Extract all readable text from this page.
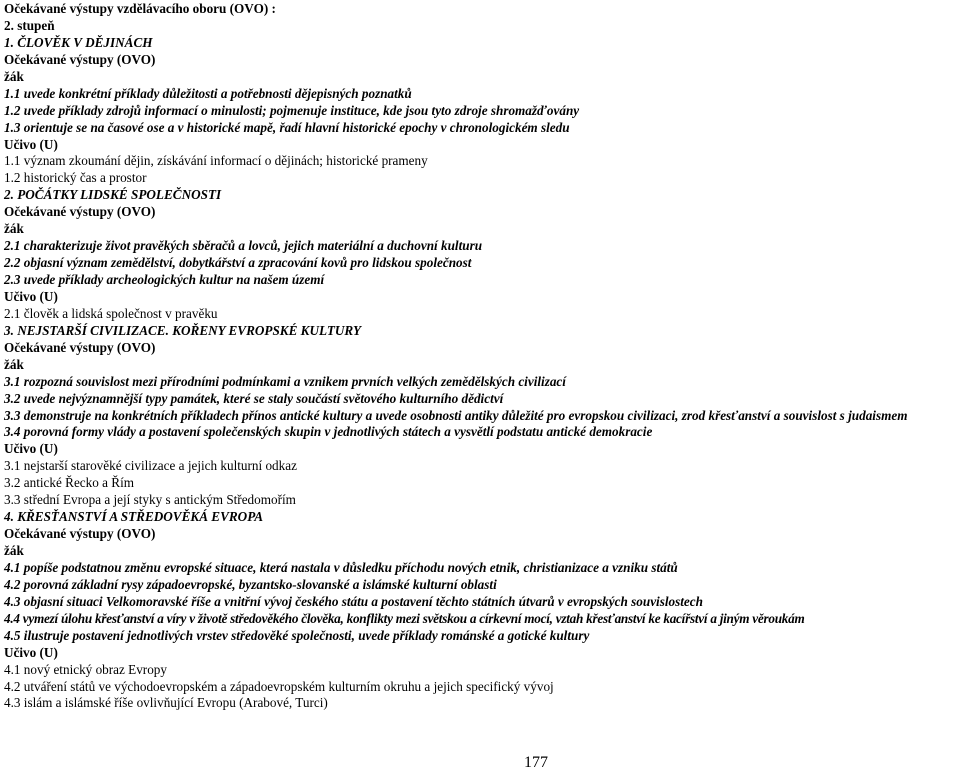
Očekávané výstupy vzdělávacího oboru (OVO) :
2. stupeň
1. ČLOVĚK V DĚJINÁCH
Očekávané výstupy (OVO)
žák
1.1 uvede konkrétní příklady důležitosti a potřebnosti dějepisných poznatků
1.2 uvede příklady zdrojů informací o minulosti; pojmenuje instituce, kde jsou tyto zdroje shromažďovány
1.3 orientuje se na časové ose a v historické mapě, řadí hlavní historické epochy v chronologickém sledu
Učivo (U)
1.1 význam zkoumání dějin, získávání informací o dějinách; historické prameny
1.2 historický čas a prostor
2. POČÁTKY LIDSKÉ SPOLEČNOSTI
Očekávané výstupy (OVO)
žák
2.1 charakterizuje život pravěkých sběračů a lovců, jejich materiální a duchovní kulturu
2.2 objasní význam zemědělství, dobytkářství a zpracování kovů pro lidskou společnost
2.3 uvede příklady archeologických kultur na našem území
Učivo (U)
2.1 člověk a lidská společnost v pravěku
3. NEJSTARŠÍ CIVILIZACE. KOŘENY EVROPSKÉ KULTURY
Očekávané výstupy (OVO)
žák
3.1 rozpozná souvislost mezi přírodními podmínkami a vznikem prvních velkých zemědělských civilizací
3.2 uvede nejvýznamnější typy památek, které se staly součástí světového kulturního dědictví
3.3 demonstruje na konkrétních příkladech přínos antické kultury a uvede osobnosti antiky důležité pro evropskou civilizaci, zrod křesťanství a souvislost s judaismem
3.4 porovná formy vlády a postavení společenských skupin v jednotlivých státech a vysvětlí podstatu antické demokracie
Učivo (U)
3.1 nejstarší starověké civilizace a jejich kulturní odkaz
3.2 antické Řecko a Řím
3.3 střední Evropa a její styky s antickým Středomořím
4. KŘESŤANSTVÍ A STŘEDOVĚKÁ EVROPA
Očekávané výstupy (OVO)
žák
4.1 popíše podstatnou změnu evropské situace, která nastala v důsledku příchodu nových etnik, christianizace a vzniku států
4.2 porovná základní rysy západoevropské, byzantsko-slovanské a islámské kulturní oblasti
4.3 objasní situaci Velkomoravské říše a vnitřní vývoj českého státu a postavení těchto státních útvarů v evropských souvislostech
4.4 vymezí úlohu křesťanství a víry v životě středověkého člověka, konflikty mezi světskou a církevní mocí, vztah křesťanství ke kacířství a jiným věroukám
4.5 ilustruje postavení jednotlivých vrstev středověké společnosti, uvede příklady románské a gotické kultury
Učivo (U)
4.1 nový etnický obraz Evropy
4.2 utváření států ve východoevropském a západoevropském kulturním okruhu a jejich specifický vývoj
4.3 islám a islámské říše ovlivňující Evropu (Arabové, Turci)
177
